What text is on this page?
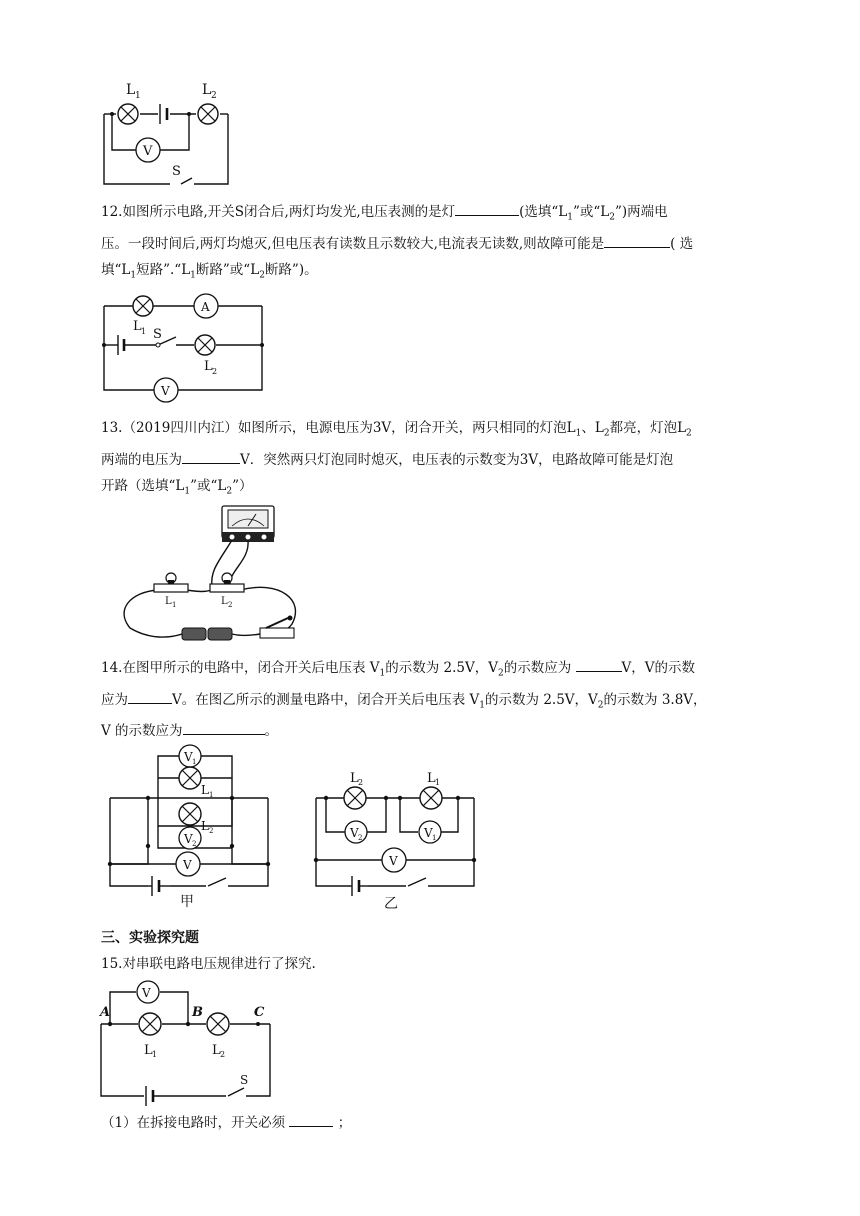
V
L 1	L 2
S

12.如图所示电路,开关S闭合后,两灯均发光,电压表测的是灯	(选填“$L_1$”或“$L_2$”)两端电
压。一段时间后,两灯均熄灭,但电压表有读数且示数较大,电流表无读数,则故障可能是	( 选
填“$L_1$短路$”.“L_1$断路”或“$L_2$断路”)。

A
V
L 1 S
L 2

13.（2019四川内江）如图所示，电源电压为3V，闭合开关，两只相同的灯泡$L_1$、$L_2$都亮，灯泡$L_2$
两端的电压为	V．突然两只灯泡同时熄灭，电压表的示数变为3V，电路故障可能是灯泡
开路（选填“$L_1$”或“$L_2$”）

L 1	L 2

14.在图甲所示的电路中，闭合开关后电压表 $V_1$的示数为 2.5V，$V_2$的示数应为	V，V的示数
应为	V。在图乙所示的测量电路中，闭合开关后电压表 $V_1$的示数为 2.5V，$V_2$的示数为 3.8V，
V 的示数应为	。

V 1
L 1
L 2
V 2
V
甲
L 2	L 1
V 2	V 1
V
乙
三、实验探究题

15.对串联电路电压规律进行了探究.

V
A	B	C
L 1	L 2
S

（1）在拆接电路时，开关必须	；
